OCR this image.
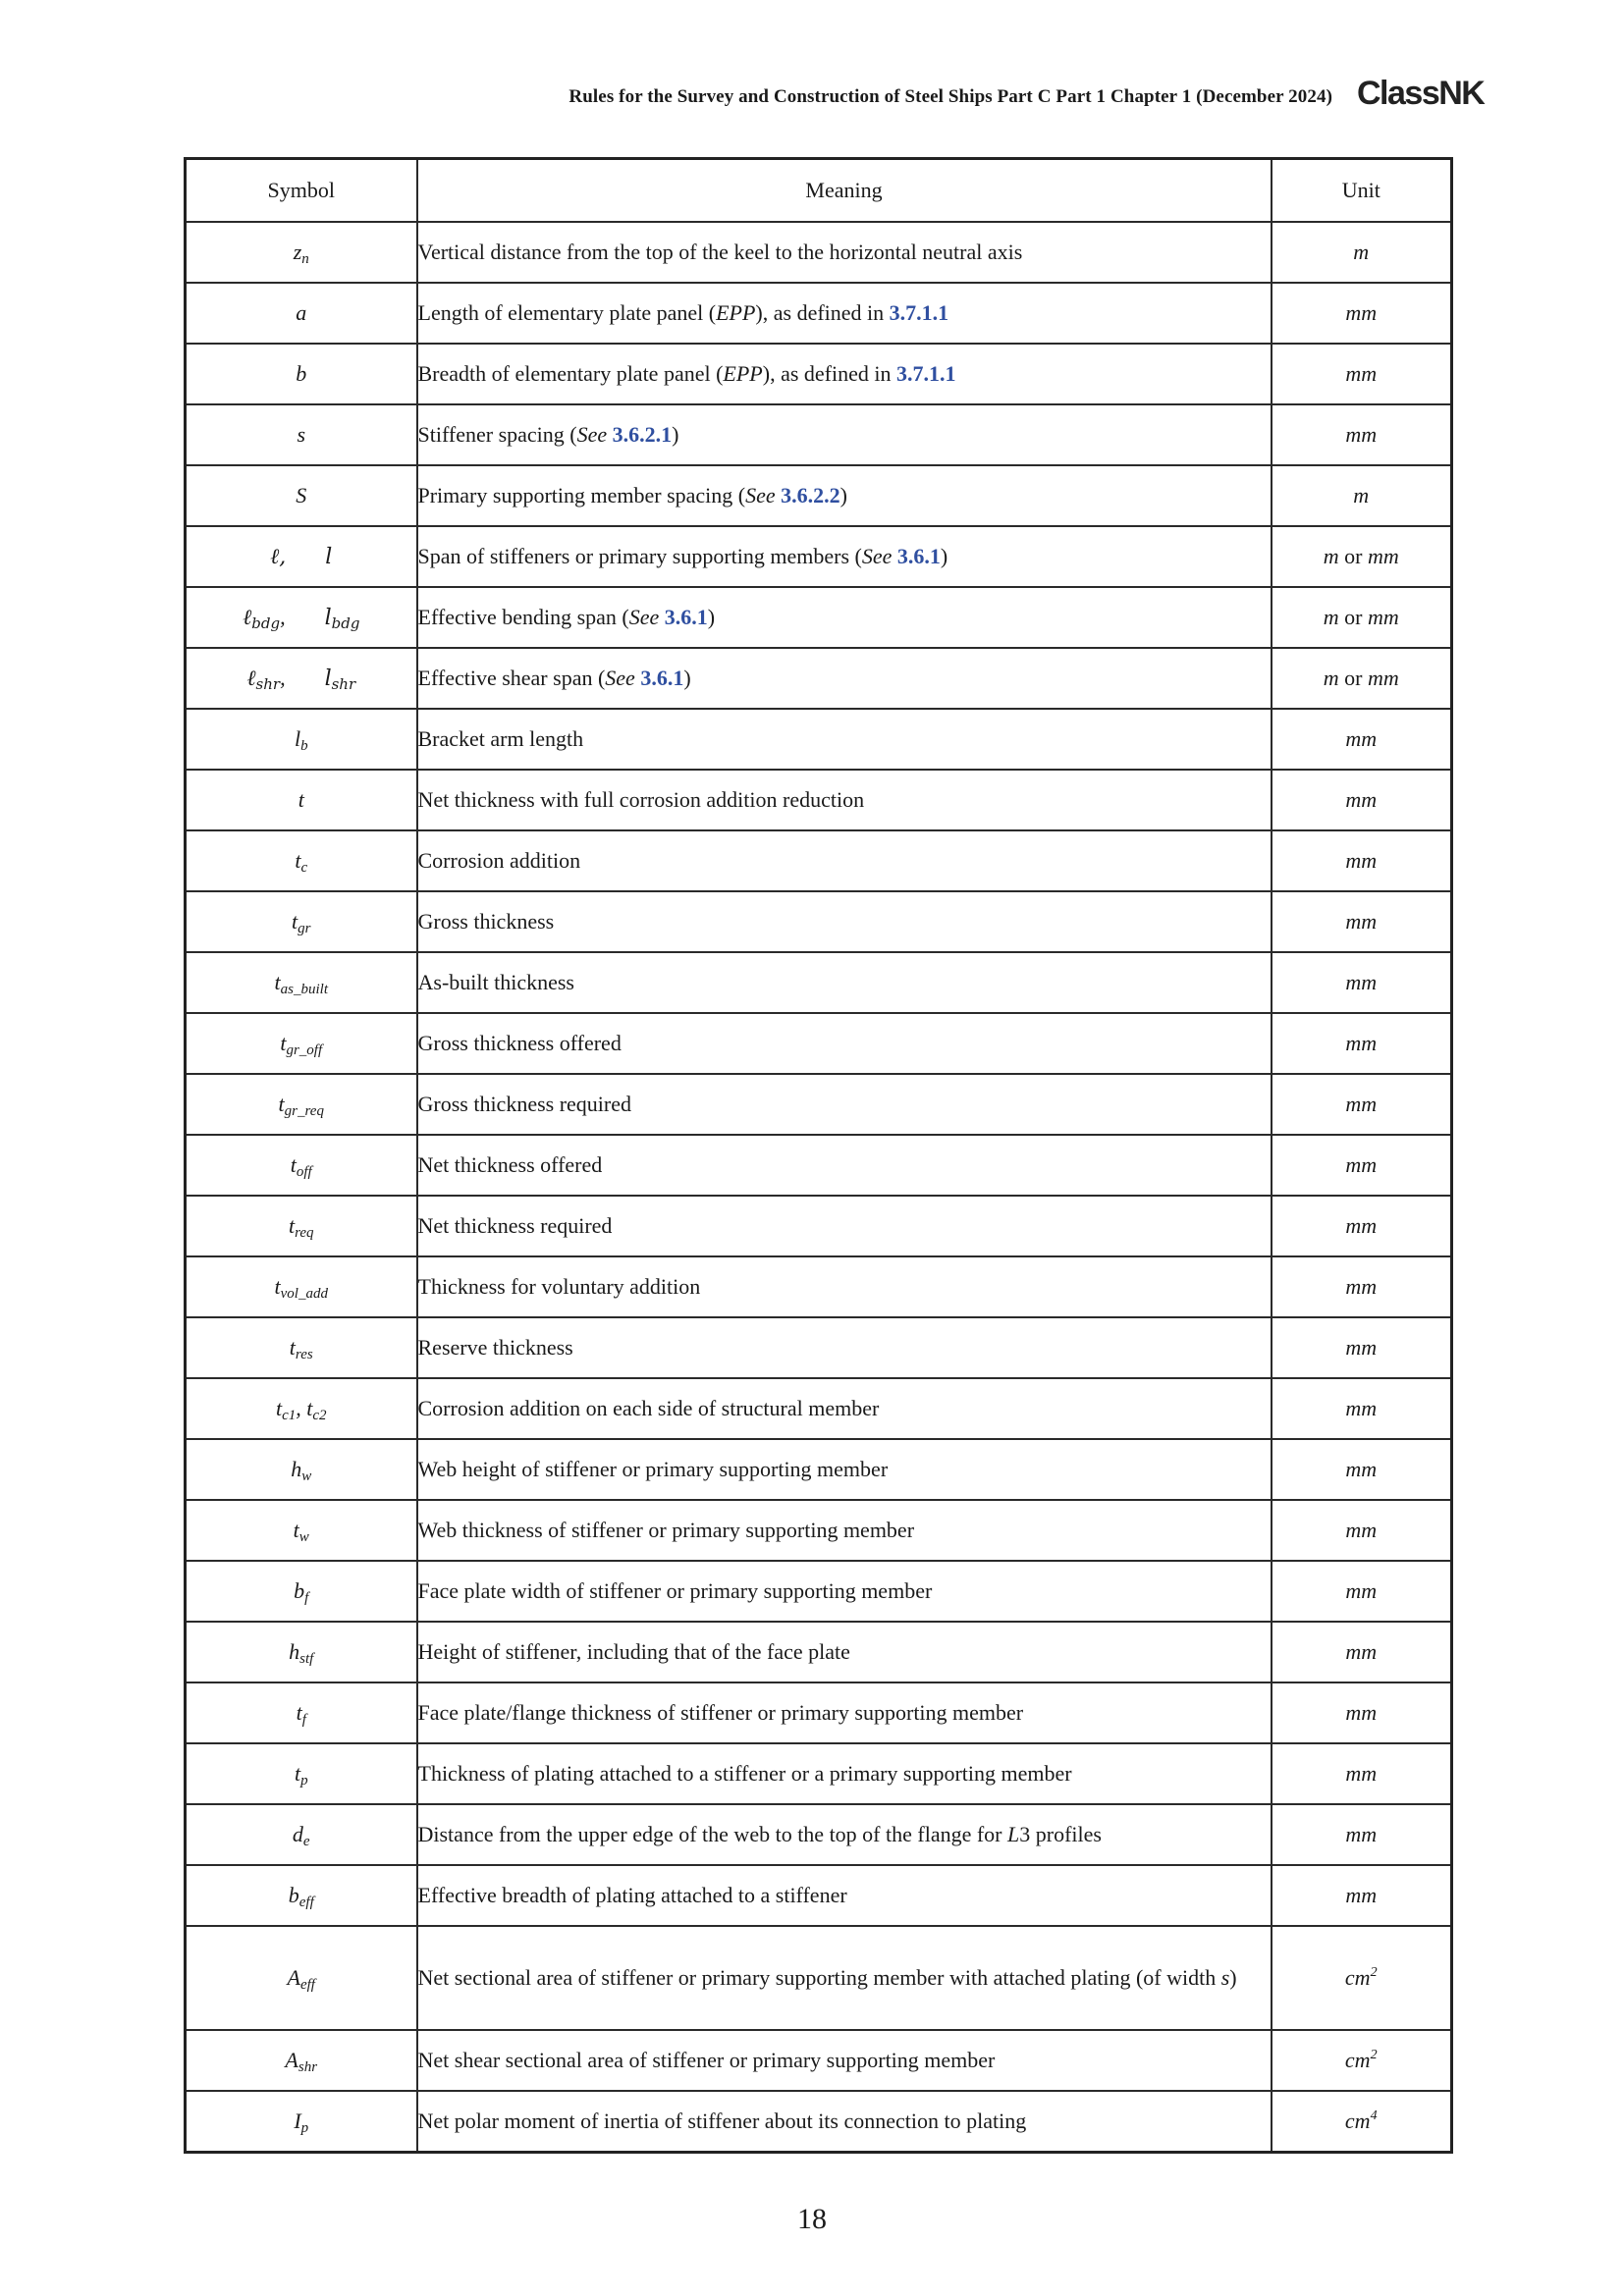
Rules for the Survey and Construction of Steel Ships Part C Part 1 Chapter 1 (December 2024) ClassNK
Symbol	Meaning	Unit
$z_n$	Vertical distance from the top of the keel to the horizontal neutral axis	m
a	Length of elementary plate panel (EPP), as defined in 3.7.1.1	mm
b	Breadth of elementary plate panel (EPP), as defined in 3.7.1.1	mm
s	Stiffener spacing (See 3.6.2.1)	mm
S	Primary supporting member spacing (See 3.6.2.2)	m
ℓ, l	Span of stiffeners or primary supporting members (See 3.6.1)	m or mm
ℓ$_{bdg}$, $l_{bdg}$	Effective bending span (See 3.6.1)	m or mm
ℓ$_{shr}$, $l_{shr}$	Effective shear span (See 3.6.1)	m or mm
$l_b$	Bracket arm length	mm
t	Net thickness with full corrosion addition reduction	mm
$t_c$	Corrosion addition	mm
$t_{gr}$	Gross thickness	mm
$t_{as\_built}$	As-built thickness	mm
$t_{gr\_off}$	Gross thickness offered	mm
$t_{gr\_req}$	Gross thickness required	mm
$t_{off}$	Net thickness offered	mm
$t_{req}$	Net thickness required	mm
$t_{vol\_add}$	Thickness for voluntary addition	mm
$t_{res}$	Reserve thickness	mm
$t_{c1}$, $t_{c2}$	Corrosion addition on each side of structural member	mm
$h_w$	Web height of stiffener or primary supporting member	mm
$t_w$	Web thickness of stiffener or primary supporting member	mm
$b_f$	Face plate width of stiffener or primary supporting member	mm
$h_{stf}$	Height of stiffener, including that of the face plate	mm
$t_f$	Face plate/flange thickness of stiffener or primary supporting member	mm
$t_p$	Thickness of plating attached to a stiffener or a primary supporting member	mm
$d_e$	Distance from the upper edge of the web to the top of the flange for L3 profiles	mm
$b_{eff}$	Effective breadth of plating attached to a stiffener	mm
$A_{eff}$	Net sectional area of stiffener or primary supporting member with attached plating (of width s)	$cm^2$
$A_{shr}$	Net shear sectional area of stiffener or primary supporting member	$cm^2$
$I_p$	Net polar moment of inertia of stiffener about its connection to plating	$cm^4$
18
